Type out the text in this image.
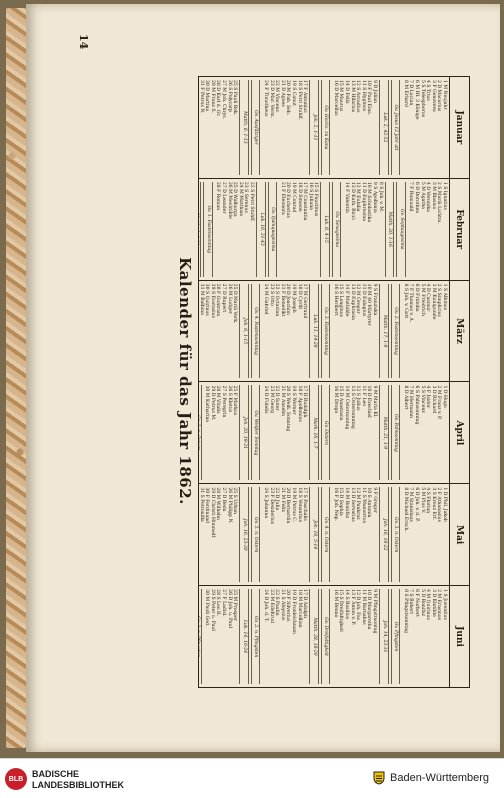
14
Januar
1 M Neujahr
2 D Macarius
3 F Genoveva
4 S Titus
5 S Telesphorus
6 M Hl. 3 Könige
7 D Lucian
8 M Erhard
Gv. Jesus 12 Jahr alt
Luk. 2, 42-52
9 D Julian
10 F Paul Eins.
11 S Hyginus
12 S Arcadius
13 M Hilarius
14 D Felix
15 M Maurus
16 D Marcellus
Gv. Hochz. zu Kana
Joh. 2, 1-11
17 F Antonius
18 S Petri Stuhlf.
19 S Canut
20 M Fab. Seb.
21 D Agnes
22 M Vincenz
23 D Mar. Verm.
24 F Timotheus
Gv. Ausfätziger
Matth. 8, 1-13
25 S Pauli Bek.
26 S Polycarp
27 M Joh. Chrys.
28 D Karl d. Gr.
29 M Franz S.
30 D Martina
31 F Petrus N.
Februar
1 S Ignatius
2 S Mariä Lichtm.
3 M Blasius
4 D Veronika
5 M Agatha
6 D Dorothea
7 F Romuald
Gv. Septuagesima
Matth. 20, 1-16
8 S Joh. v. M.
9 S Apollonia
10 M Scholastika
11 D Euphrosina
12 M Eulalia
13 D Kath. Ricci
14 F Valentin
Gv. Sexagesima
Luk. 8, 4-15
15 S Faustinus
16 S Juliana
17 M Constantia
18 D Simeon
19 M Conrad
20 D Eucherius
21 F Eleonora
Gv. Quinquagesima
Luk. 18, 31-43
22 S Petri Stuhlf.
23 S Serenus
24 M Matthias
25 D Walburga
26 M Mechtilde
27 D Leander
28 F Roman
Gv. 1. Fastensonntag
März
1 S Albinus
2 S Simplicius
3 M Kunigunde
4 D Casimir
5 M Friedrich
6 D Fridolin
7 F Thomas v. A.
8 S Joh. v. Gott
Gv. 2. Fastensonntag
Matth. 17, 1-9
9 S Franziska
10 M 40 Märtyrer
11 D Eulogius
12 M Gregor
13 D Euphrasia
14 F Mathilde
15 S Longinus
16 S Heribert
Gv. 3. Fastensonntag
Luk. 11, 14-28
17 M Gertraud
18 D Cyrill
19 M Joseph
20 D Joachim
21 F Benedikt
22 S Octavian
23 S Otto
24 M Gabriel
Gv. 4. Fastensonntag
Joh. 6, 1-15
25 D Mariä Verk.
26 M Ludger
27 D Rupert
28 F Guntram
29 S Eustasius
30 S Quirinus
31 M Balbina
April
1 D Hugo
2 M Franz v. P.
3 D Richard
4 F Isidor
5 S Vincenz
6 S Palmsonntag
7 M Hermann
8 D Albert
Gv. Palmsonntag
Matth. 21, 1-9
9 M Maria Kl.
10 D Ezechiel
11 F Leo
12 S Julius
13 S Ostersonntag
14 M Ostermontag
15 D Anastasia
16 M Drogo
Gv. Ostern
Mark. 16, 1-7
17 D Rudolph
18 F Apollonius
19 S Werner
20 S Weiß. Sonntag
21 M Anselm
22 D Soter
23 M Georg
24 D Fidelis
Gv. Weißer Sonntag
Joh. 20, 19-31
25 F Markus
26 S Kletus
27 S Peregrin
28 M Vitalis
29 D Petrus M.
30 M Katharina
Mai
1 D Phil. Jakob
2 F Athanasius
3 S Kreuz Erf.
4 S Florian
5 M Pius V.
6 D Joh. v. d. P.
7 M Stanislaus
8 D Michael Ersch.
Gv. 3. n. Ostern
Joh. 16, 16-22
9 F Gregor
10 S Antonin
11 S Mamertus
12 M Pankraz
13 D Servatius
14 M Bonifaz
15 D Sophia
16 F Joh. Nep.
Gv. 4. n. Ostern
Joh. 16, 5-14
17 S Paschalis
18 S Venantius
19 M Petrus C.
20 D Bernardin
21 M Felix
22 D Julia
23 F Desiderius
24 S Johanna
Gv. 5. n. Ostern
Joh. 16, 23-30
25 S Urban
26 M Philipp N.
27 D Beda
28 M Wilhelm
29 D Christi Himmelf.
30 F Ferdinand
31 S Petronilla
Juni
1 S Juventius
2 M Erasmus
3 D Klotilde
4 M Quirinus
5 D Bonifaz
6 F Norbert
7 S Robert
8 S Pfingstsonntag
Gv. Pfingsten
Joh. 14, 23-31
9 M Pfingstmontag
10 D Margaretha
11 M Barnabas
12 D Joh. Fac.
13 F Anton v. P.
14 S Basilius
15 S Dreifaltigkeit
16 M Benno
Gv. Dreifaltigkeit
Matth. 28, 18-20
17 D Adolph
18 M Marcellian
19 D Fronleichnam
20 F Silverius
21 S Aloysius
22 S Paulin
23 M Edeltrud
24 D Joh. d. T.
Gv. 2. n. Pfingsten
Luk. 14, 16-24
25 M Prosper
26 D Joh. u. Paul
27 F Ladisl.
28 S Leo II.
29 S Peter u. Paul
30 M Pauli Ged.
Kalender für das Jahr 1862.
BLB BADISCHE
LANDESBIBLIOTHEK
Baden-Württemberg
